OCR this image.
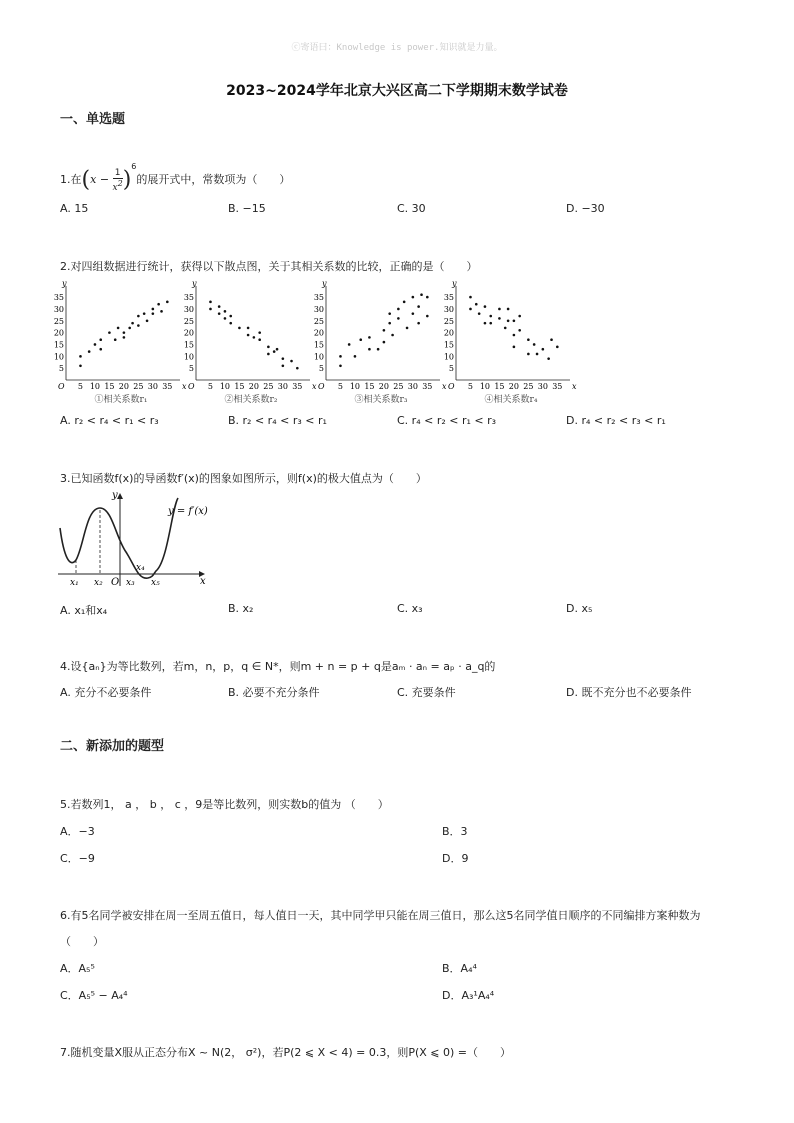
ⓒ寄语曰：Knowledge is power.知识就是力量。
2023~2024学年北京大兴区高二下学期期末数学试卷
一、单选题
1.在$(x - \frac{1}{x^2} )^6$的展开式中，常数项为（　　）
A. 15	B. −15	C. 30	D. −30
2.对四组数据进行统计，获得以下散点图，关于其相关系数的比较，正确的是（　　）
35
30
25
20
15
10
5
5 10 15 20 25 30 35
O	x
y
①相关系数r₁
35
30
25
20
15
10
5
5 10 15 20 25 30 35
O	x
y
②相关系数r₂
35
30
25
20
15
10
5
5 10 15 20 25 30 35
O	x
y
③相关系数r₃
35
30
25
20
15
10
5
5 10 15 20 25 30 35
O	x
y
④相关系数r₄
A. r₂ < r₄ < r₁ < r₃	B. r₂ < r₄ < r₃ < r₁	C. r₄ < r₂ < r₁ < r₃	D. r₄ < r₂ < r₃ < r₁
3.已知函数f(x)的导函数f′(x)的图象如图所示，则f(x)的极大值点为（　　）
y
x
O
x₁ x₂	x₃
x₄
x₅
y = f′(x)
A. x₁和x₄	B. x₂	C. x₃	D. x₅
4.设{aₙ}为等比数列，若m，n，p，q ∈ N*，则m + n = p + q是aₘ · aₙ = aₚ · a_q的
A. 充分不必要条件	B. 必要不充分条件	C. 充要条件	D. 既不充分也不必要条件
二、新添加的题型
5.若数列1， a ， b ， c ，9是等比数列，则实数b的值为 （　　）
A．−3	B．3
C．−9	D．9
6.有5名同学被安排在周一至周五值日，每人值日一天，其中同学甲只能在周三值日，那么这5名同学值日顺序的不同编排方案种数为
（　　）
A．A₅⁵	B．A₄⁴
C．A₅⁵ − A₄⁴	D．A₃¹A₄⁴
7.随机变量X服从正态分布X ~ N(2， σ²)，若P(2 ⩽ X < 4) = 0.3，则P(X ⩽ 0) =（　　）
